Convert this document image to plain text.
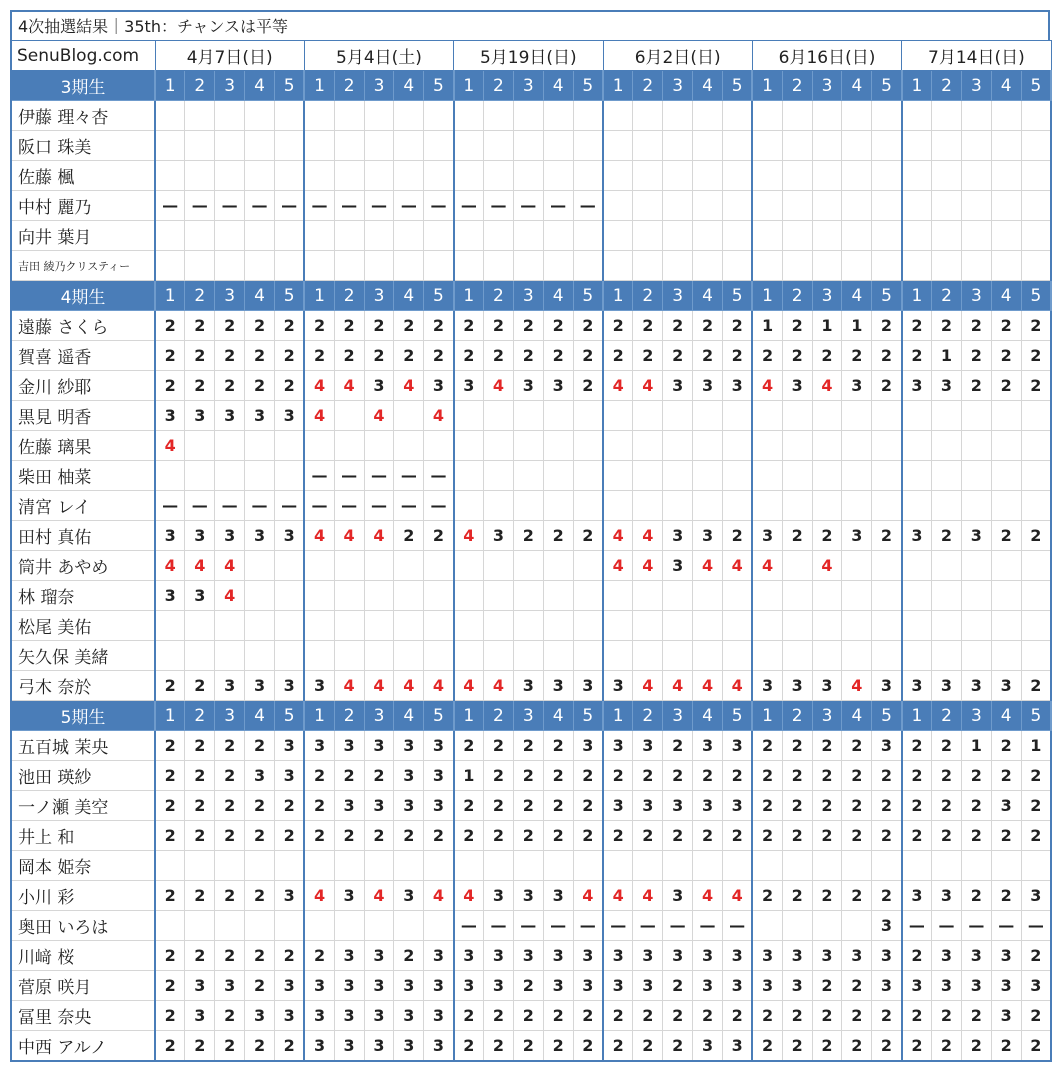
4次抽選結果｜35th：チャンスは平等
SenuBlog.com	4月7日(日)					5月4日(土)					5月19日(日)					6月2日(日)					6月16日(日)					7月14日(日)				
3期生	1	2	3	4	5	1	2	3	4	5	1	2	3	4	5	1	2	3	4	5	1	2	3	4	5	1	2	3	4	5
伊藤 理々杏																														
阪口 珠美																														
佐藤 楓																														
中村 麗乃	—	—	—	—	—	—	—	—	—	—	—	—	—	—	—															
向井 葉月																														
吉田 綾乃クリスティー																														
4期生	1	2	3	4	5	1	2	3	4	5	1	2	3	4	5	1	2	3	4	5	1	2	3	4	5	1	2	3	4	5
遠藤 さくら	2	2	2	2	2	2	2	2	2	2	2	2	2	2	2	2	2	2	2	2	1	2	1	1	2	2	2	2	2	2
賀喜 遥香	2	2	2	2	2	2	2	2	2	2	2	2	2	2	2	2	2	2	2	2	2	2	2	2	2	2	1	2	2	2
金川 紗耶	2	2	2	2	2	4	4	3	4	3	3	4	3	3	2	4	4	3	3	3	4	3	4	3	2	3	3	2	2	2
黒見 明香	3	3	3	3	3	4		4		4																				
佐藤 璃果	4																													
柴田 柚菜						—	—	—	—	—																				
清宮 レイ	—	—	—	—	—	—	—	—	—	—																				
田村 真佑	3	3	3	3	3	4	4	4	2	2	4	3	2	2	2	4	4	3	3	2	3	2	2	3	2	3	2	3	2	2
筒井 あやめ	4	4	4													4	4	3	4	4	4		4							
林 瑠奈	3	3	4																											
松尾 美佑																														
矢久保 美緒																														
弓木 奈於	2	2	3	3	3	3	4	4	4	4	4	4	3	3	3	3	4	4	4	4	3	3	3	4	3	3	3	3	3	2
5期生	1	2	3	4	5	1	2	3	4	5	1	2	3	4	5	1	2	3	4	5	1	2	3	4	5	1	2	3	4	5
五百城 茉央	2	2	2	2	3	3	3	3	3	3	2	2	2	2	3	3	3	2	3	3	2	2	2	2	3	2	2	1	2	1
池田 瑛紗	2	2	2	3	3	2	2	2	3	3	1	2	2	2	2	2	2	2	2	2	2	2	2	2	2	2	2	2	2	2
一ノ瀬 美空	2	2	2	2	2	2	3	3	3	3	2	2	2	2	2	3	3	3	3	3	2	2	2	2	2	2	2	2	3	2
井上 和	2	2	2	2	2	2	2	2	2	2	2	2	2	2	2	2	2	2	2	2	2	2	2	2	2	2	2	2	2	2
岡本 姫奈																														
小川 彩	2	2	2	2	3	4	3	4	3	4	4	3	3	3	4	4	4	3	4	4	2	2	2	2	2	3	3	2	2	3
奥田 いろは											—	—	—	—	—	—	—	—	—	—					3	—	—	—	—	—
川﨑 桜	2	2	2	2	2	2	3	3	2	3	3	3	3	3	3	3	3	3	3	3	3	3	3	3	3	2	3	3	3	2
菅原 咲月	2	3	3	2	3	3	3	3	3	3	3	3	2	3	3	3	3	2	3	3	3	3	2	2	3	3	3	3	3	3
冨里 奈央	2	3	2	3	3	3	3	3	3	3	2	2	2	2	2	2	2	2	2	2	2	2	2	2	2	2	2	2	3	2
中西 アルノ	2	2	2	2	2	3	3	3	3	3	2	2	2	2	2	2	2	2	3	3	2	2	2	2	2	2	2	2	2	2
